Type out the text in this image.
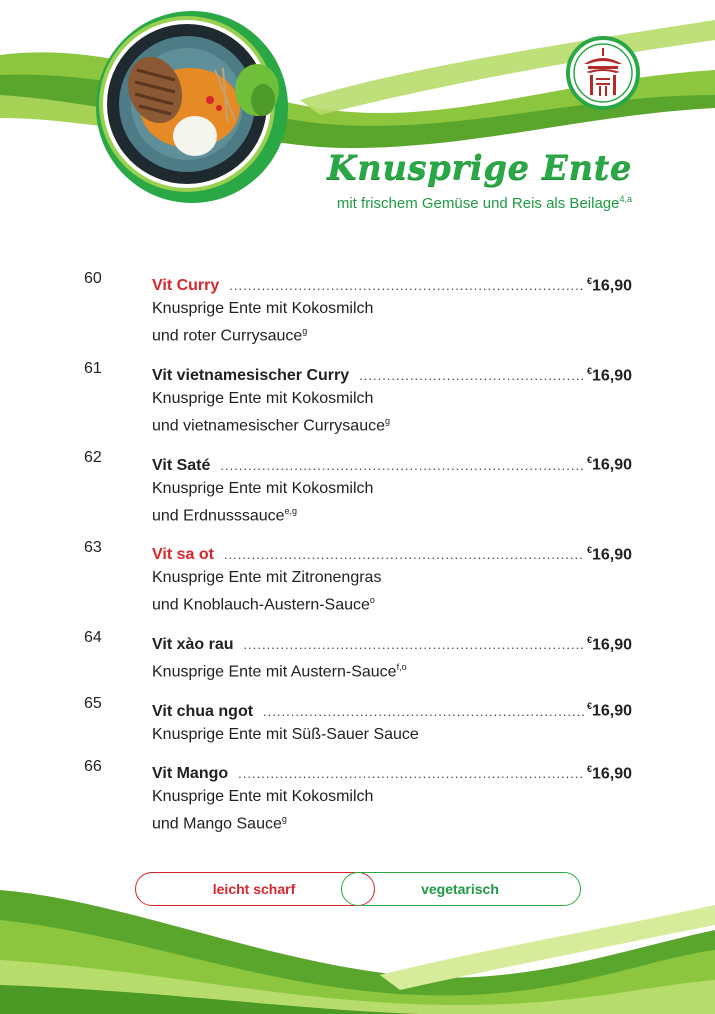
Knusprige Ente
mit frischem Gemüse und Reis als Beilage$^{4,a}$
60	Vit Curry .....	€16,90
Knusprige Ente mit Kokosmilch
und roter Currysauce$^g$
61	Vit vietnamesischer Curry .....	€16,90
Knusprige Ente mit Kokosmilch
und vietnamesischer Currysauce$^g$
62	Vit Saté .....	€16,90
Knusprige Ente mit Kokosmilch
und Erdnusssauce$^{e,g}$
63	Vit sa ot .....	€16,90
Knusprige Ente mit Zitronengras
und Knoblauch-Austern-Sauce$^o$
64	Vit xào rau .....	€16,90
Knusprige Ente mit Austern-Sauce$^{f,o}$
65	Vit chua ngot .....	€16,90
Knusprige Ente mit Süß-Sauer Sauce
66	Vit Mango .....	€16,90
Knusprige Ente mit Kokosmilch
und Mango Sauce$^g$
leicht scharf	vegetarisch
